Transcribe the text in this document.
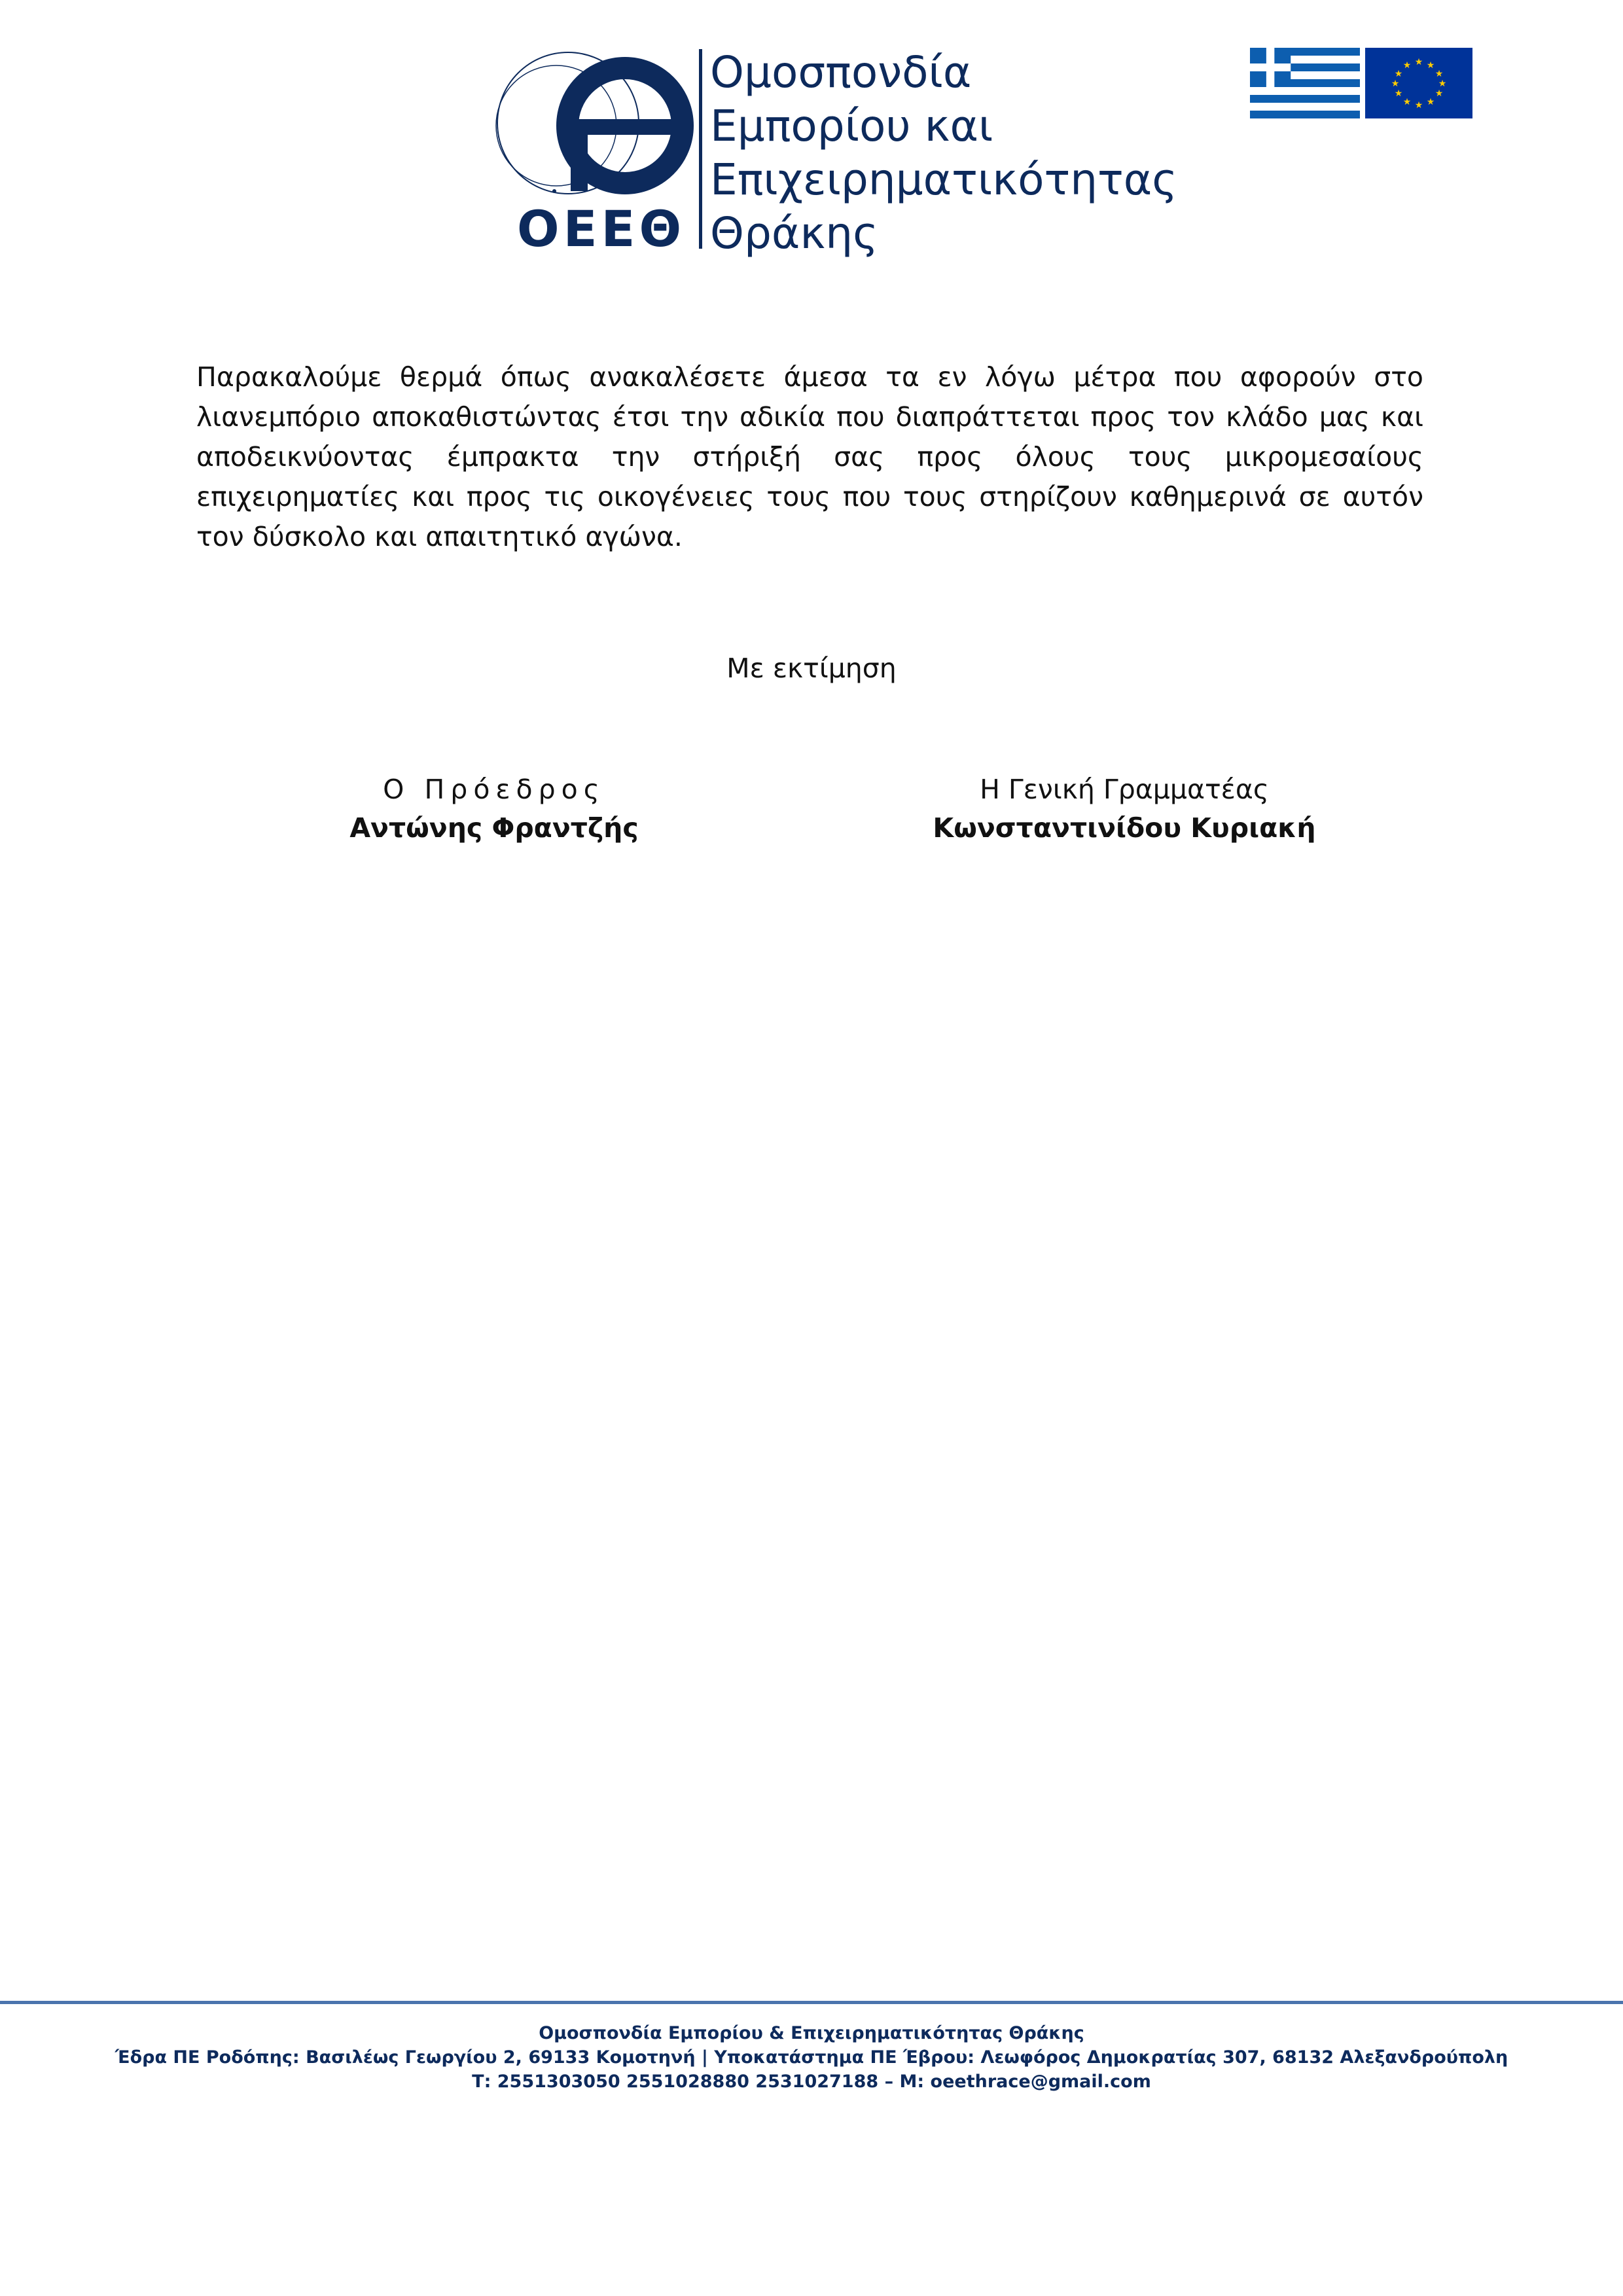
ΟΕΕΘ
Ομοσπονδία
Εμπορίου και
Επιχειρηματικότητας
Θράκης
★ ★
★
★
★
★
★
★
★
★
★
★

Παρακαλούμε θερμά όπως ανακαλέσετε άμεσα τα εν λόγω μέτρα που αφορούν στο λιανεμπόριο αποκαθιστώντας έτσι την αδικία που διαπράττεται προς τον κλάδο μας και αποδεικνύοντας έμπρακτα την στήριξή σας προς όλους τους μικρομεσαίους επιχειρηματίες και προς τις οικογένειες τους που τους στηρίζουν καθημερινά σε αυτόν τον δύσκολο και απαιτητικό αγώνα.

Με εκτίμηση
Ο Πρόεδρος
Αντώνης Φραντζής
Η Γενική Γραμματέας
Κωνσταντινίδου Κυριακή
Ομοσπονδία Εμπορίου & Επιχειρηματικότητας Θράκης
Έδρα ΠΕ Ροδόπης: Βασιλέως Γεωργίου 2, 69133 Κομοτηνή | Υποκατάστημα ΠΕ Έβρου: Λεωφόρος Δημοκρατίας 307, 68132 Αλεξανδρούπολη
Τ: 2551303050 2551028880 2531027188 – Μ: oeethrace@gmail.com
